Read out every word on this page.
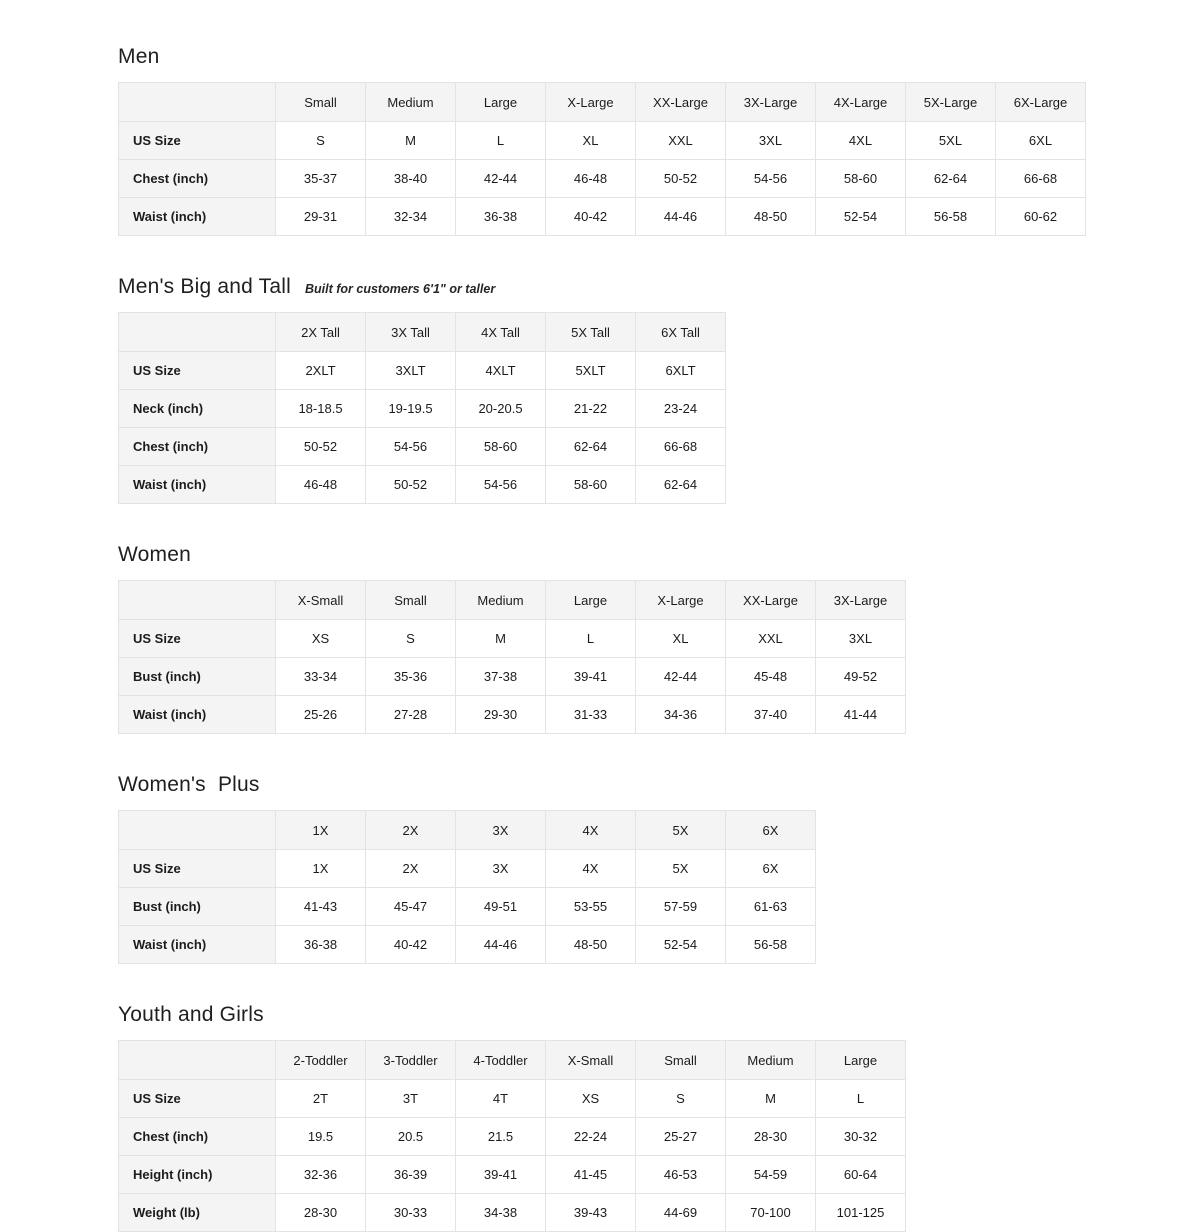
Men
	Small	Medium	Large	X-Large	XX-Large	3X-Large	4X-Large	5X-Large	6X-Large
US Size	S	M	L	XL	XXL	3XL	4XL	5XL	6XL
Chest (inch)	35-37	38-40	42-44	46-48	50-52	54-56	58-60	62-64	66-68
Waist (inch)	29-31	32-34	36-38	40-42	44-46	48-50	52-54	56-58	60-62
Men's Big and Tall Built for customers 6'1" or taller
	2X Tall	3X Tall	4X Tall	5X Tall	6X Tall
US Size	2XLT	3XLT	4XLT	5XLT	6XLT
Neck (inch)	18-18.5	19-19.5	20-20.5	21-22	23-24
Chest (inch)	50-52	54-56	58-60	62-64	66-68
Waist (inch)	46-48	50-52	54-56	58-60	62-64
Women
	X-Small	Small	Medium	Large	X-Large	XX-Large	3X-Large
US Size	XS	S	M	L	XL	XXL	3XL
Bust (inch)	33-34	35-36	37-38	39-41	42-44	45-48	49-52
Waist (inch)	25-26	27-28	29-30	31-33	34-36	37-40	41-44
Women's  Plus
	1X	2X	3X	4X	5X	6X
US Size	1X	2X	3X	4X	5X	6X
Bust (inch)	41-43	45-47	49-51	53-55	57-59	61-63
Waist (inch)	36-38	40-42	44-46	48-50	52-54	56-58
Youth and Girls
	2-Toddler	3-Toddler	4-Toddler	X-Small	Small	Medium	Large
US Size	2T	3T	4T	XS	S	M	L
Chest (inch)	19.5	20.5	21.5	22-24	25-27	28-30	30-32
Height (inch)	32-36	36-39	39-41	41-45	46-53	54-59	60-64
Weight (lb)	28-30	30-33	34-38	39-43	44-69	70-100	101-125
